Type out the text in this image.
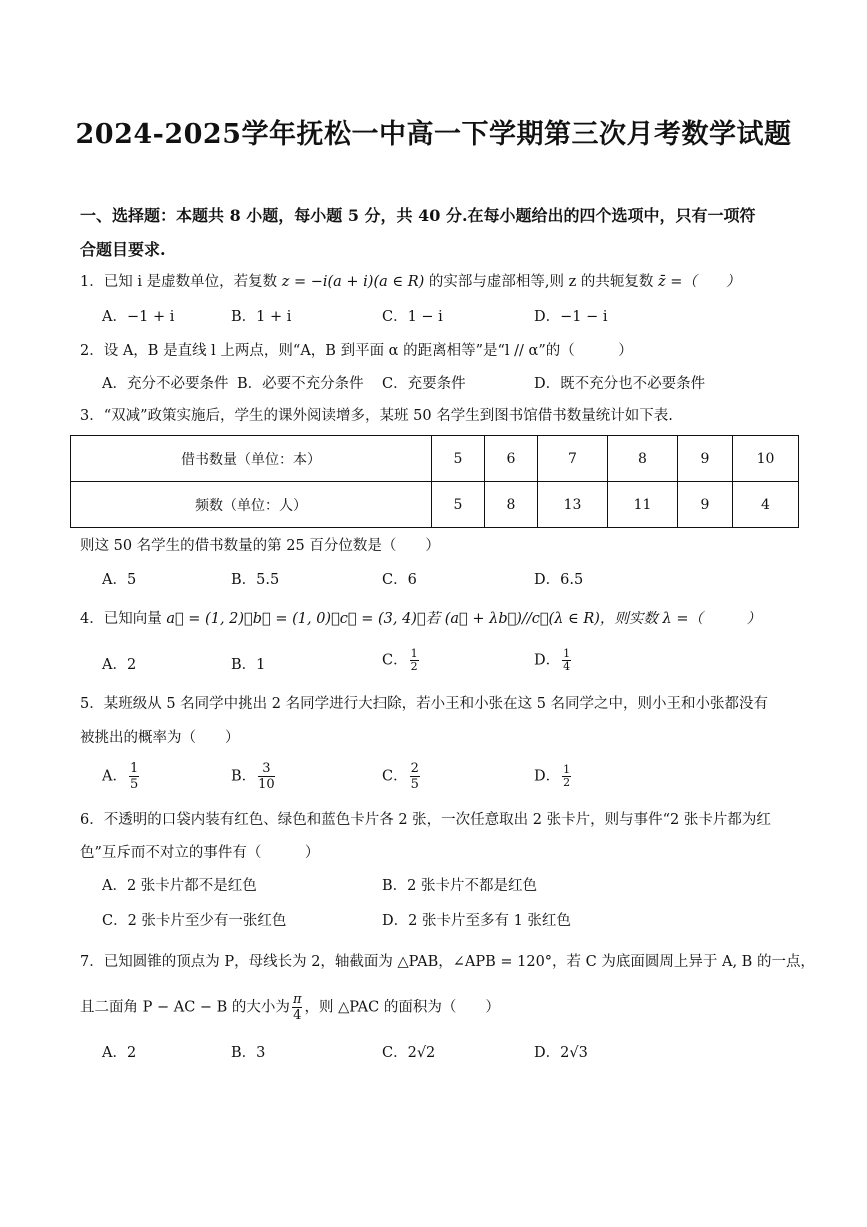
2024-2025学年抚松一中高一下学期第三次月考数学试题
一、选择题：本题共 8 小题，每小题 5 分，共 40 分.在每小题给出的四个选项中，只有一项符
合题目要求.
1．已知 i 是虚数单位，若复数 z = −i(a + i)(a ∈ R) 的实部与虚部相等,则 z 的共轭复数 z̄ =（　　）
A．−1 + i	B．1 + i	C．1 − i	D．−1 − i
2．设 A，B 是直线 l 上两点，则“A，B 到平面 α 的距离相等”是“l // α”的（　　　）
A．充分不必要条件 B．必要不充分条件 C．充要条件	D．既不充分也不必要条件
3．“双减”政策实施后，学生的课外阅读增多，某班 50 名学生到图书馆借书数量统计如下表.
借书数量（单位：本）	5	6	7	8	9	10
频数（单位：人）	5	8	13	11	9	4
则这 50 名学生的借书数量的第 25 百分位数是（　　）
A．5	B．5.5	C．6	D．6.5
4．已知向量 a⃗ = (1, 2)，b⃗ = (1, 0)，c⃗ = (3, 4)，若 (a⃗ + λb⃗)//c⃗(λ ∈ R)，则实数 λ =（　　　）
A．2	B．1	C． $\frac{1}{2}$	D． $\frac{1}{4}$
5．某班级从 5 名同学中挑出 2 名同学进行大扫除，若小王和小张在这 5 名同学之中，则小王和小张都没有
被挑出的概率为（　　）
A． $\frac{1}{5}$	B． $\frac{3}{10}$	C． $\frac{2}{5}$	D． $\frac{1}{2}$
6．不透明的口袋内装有红色、绿色和蓝色卡片各 2 张，一次任意取出 2 张卡片，则与事件“2 张卡片都为红
色”互斥而不对立的事件有（　　　）
A．2 张卡片都不是红色	B．2 张卡片不都是红色
C．2 张卡片至少有一张红色	D．2 张卡片至多有 1 张红色
7．已知圆锥的顶点为 P，母线长为 2，轴截面为 △PAB，∠APB = 120°，若 C 为底面圆周上异于 A, B 的一点，
且二面角 P − AC − B 的大小为 $\frac{\pi}{4}$ ，则 △PAC 的面积为（　　）
A．2	B．3	C．2√2	D．2√3
